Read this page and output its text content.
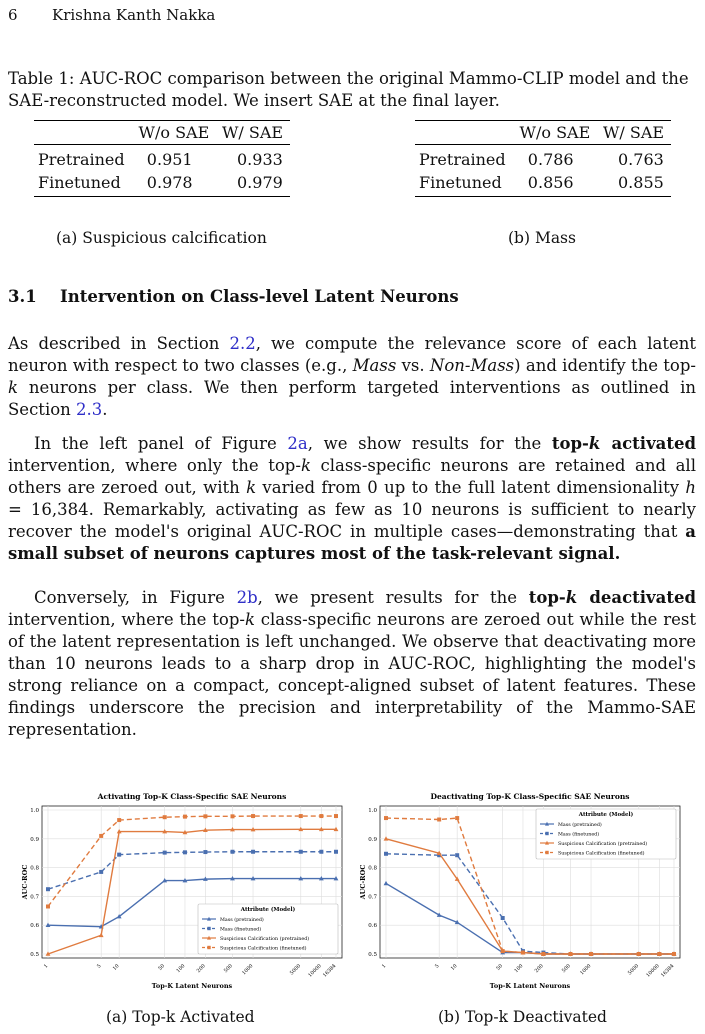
6 Krishna Kanth Nakka
Table 1: AUC-ROC comparison between the original Mammo-CLIP model and the SAE-reconstructed model. We insert SAE at the final layer.
	W/o SAE	W/ SAE
Pretrained	0.951	0.933
Finetuned	0.978	0.979
(a) Suspicious calcification
	W/o SAE	W/ SAE
Pretrained	0.786	0.763
Finetuned	0.856	0.855
(b) Mass
3.1 Intervention on Class-level Latent Neurons
As described in Section 2.2, we compute the relevance score of each latent neuron with respect to two classes (e.g., Mass vs. Non-Mass) and identify the top-k neurons per class. We then perform targeted interventions as outlined in Section 2.3.
In the left panel of Figure 2a, we show results for the top-k activated intervention, where only the top-k class-specific neurons are retained and all others are zeroed out, with k varied from 0 up to the full latent dimensionality h = 16,384. Remarkably, activating as few as 10 neurons is sufficient to nearly recover the model's original AUC-ROC in multiple cases—demonstrating that a small subset of neurons captures most of the task-relevant signal.
Conversely, in Figure 2b, we present results for the top-k deactivated intervention, where the top-k class-specific neurons are zeroed out while the rest of the latent representation is left unchanged. We observe that deactivating more than 10 neurons leads to a sharp drop in AUC-ROC, highlighting the model's strong reliance on a compact, concept-aligned subset of latent features. These findings underscore the precision and interpretability of the Mammo-SAE representation.
Activating Top-K Class-Specific SAE Neurons
0.5
0.6
0.7
0.8
0.9
1.0
1	5 10	50 100 200	500 1000	5000 10000 16384
Top-K Latent Neurons
AUC-ROC
Attribute (Model)
Mass (pretrained)
Mass (finetuned)
Suspicious Calcification (pretrained)
Suspicious Calcification (finetuned)
Deactivating Top-K Class-Specific SAE Neurons
0.5
0.6
0.7
0.8
0.9
1.0
1	5 10	50 100 200	500 1000	5000 10000 16384
Top-K Latent Neurons
AUC-ROC
Attribute (Model)
Mass (pretrained)
Mass (finetuned)
Suspicious Calcification (pretrained)
Suspicious Calcification (finetuned)
(a) Top-k Activated	(b) Top-k Deactivated
